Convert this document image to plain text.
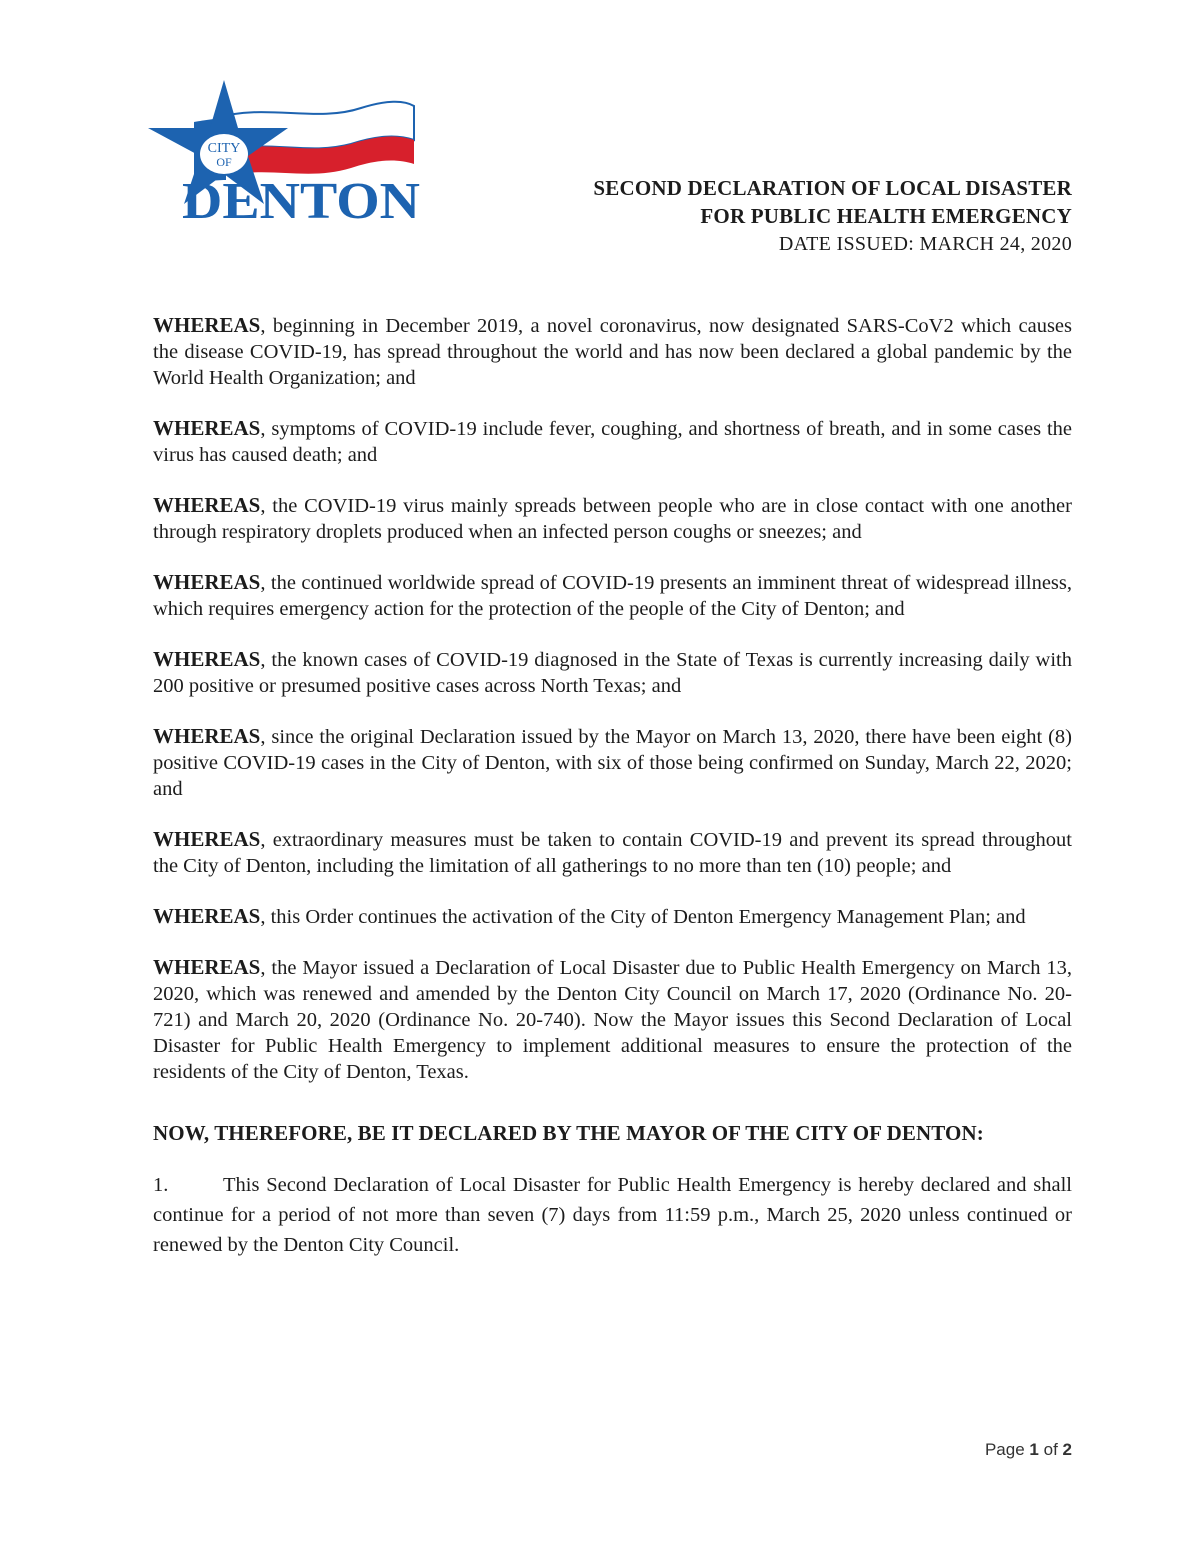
CITY
OF
DENTON	SECOND DECLARATION OF LOCAL DISASTER
FOR PUBLIC HEALTH EMERGENCY
DATE ISSUED: MARCH 24, 2020

WHEREAS, beginning in December 2019, a novel coronavirus, now designated SARS-CoV2 which causes the disease COVID-19, has spread throughout the world and has now been declared a global pandemic by the World Health Organization; and

WHEREAS, symptoms of COVID-19 include fever, coughing, and shortness of breath, and in some cases the virus has caused death; and

WHEREAS, the COVID-19 virus mainly spreads between people who are in close contact with one another through respiratory droplets produced when an infected person coughs or sneezes; and

WHEREAS, the continued worldwide spread of COVID-19 presents an imminent threat of widespread illness, which requires emergency action for the protection of the people of the City of Denton; and

WHEREAS, the known cases of COVID-19 diagnosed in the State of Texas is currently increasing daily with 200 positive or presumed positive cases across North Texas; and

WHEREAS, since the original Declaration issued by the Mayor on March 13, 2020, there have been eight (8) positive COVID-19 cases in the City of Denton, with six of those being confirmed on Sunday, March 22, 2020; and

WHEREAS, extraordinary measures must be taken to contain COVID-19 and prevent its spread throughout the City of Denton, including the limitation of all gatherings to no more than ten (10) people; and

WHEREAS, this Order continues the activation of the City of Denton Emergency Management Plan; and

WHEREAS, the Mayor issued a Declaration of Local Disaster due to Public Health Emergency on March 13, 2020, which was renewed and amended by the Denton City Council on March 17, 2020 (Ordinance No. 20-721) and March 20, 2020 (Ordinance No. 20-740). Now the Mayor issues this Second Declaration of Local Disaster for Public Health Emergency to implement additional measures to ensure the protection of the residents of the City of Denton, Texas.

NOW, THEREFORE, BE IT DECLARED BY THE MAYOR OF THE CITY OF DENTON:

1.	This Second Declaration of Local Disaster for Public Health Emergency is hereby declared and shall continue for a period of not more than seven (7) days from 11:59 p.m., March 25, 2020 unless continued or renewed by the Denton City Council.

Page 1 of 2
